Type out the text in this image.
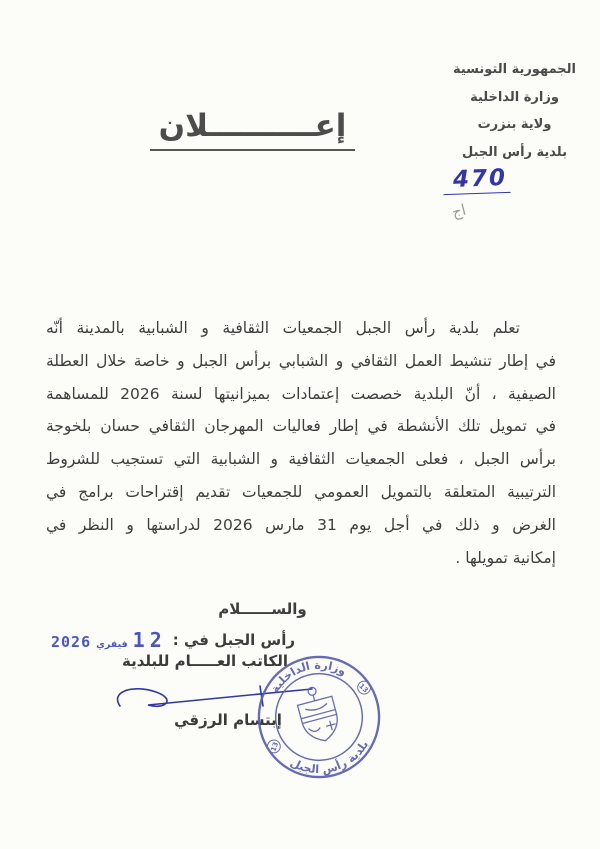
الجمهورية التونسية
وزارة الداخلية
ولاية بنزرت
بلدية رأس الجبل
470
اج
إعــــــــــلان
تعلم بلدية رأس الجبل الجمعيات الثقافية و الشبابية بالمدينة أنّه
في إطار تنشيط العمل الثقافي و الشبابي برأس الجبل و خاصة خلال العطلة
الصيفية ، أنّ البلدية خصصت إعتمادات بميزانيتها لسنة 2026 للمساهمة
في تمويل تلك الأنشطة في إطار فعاليات المهرجان الثقافي حسان بلخوجة
برأس الجبل ، فعلى الجمعيات الثقافية و الشبابية التي تستجيب للشروط
الترتيبية المتعلقة بالتمويل العمومي للجمعيات تقديم إقتراحات برامج في
الغرض و ذلك في أجل يوم 31 مارس 2026 لدراستها و النظر في
إمكانية تمويلها .
والســــــلام
رأس الجبل في :
12
فيفري
2026
الكاتب العـــــام للبلدية
إبتسام الرزقي
وزارة الداخلية
بلدية رأس الجبل
13
13
